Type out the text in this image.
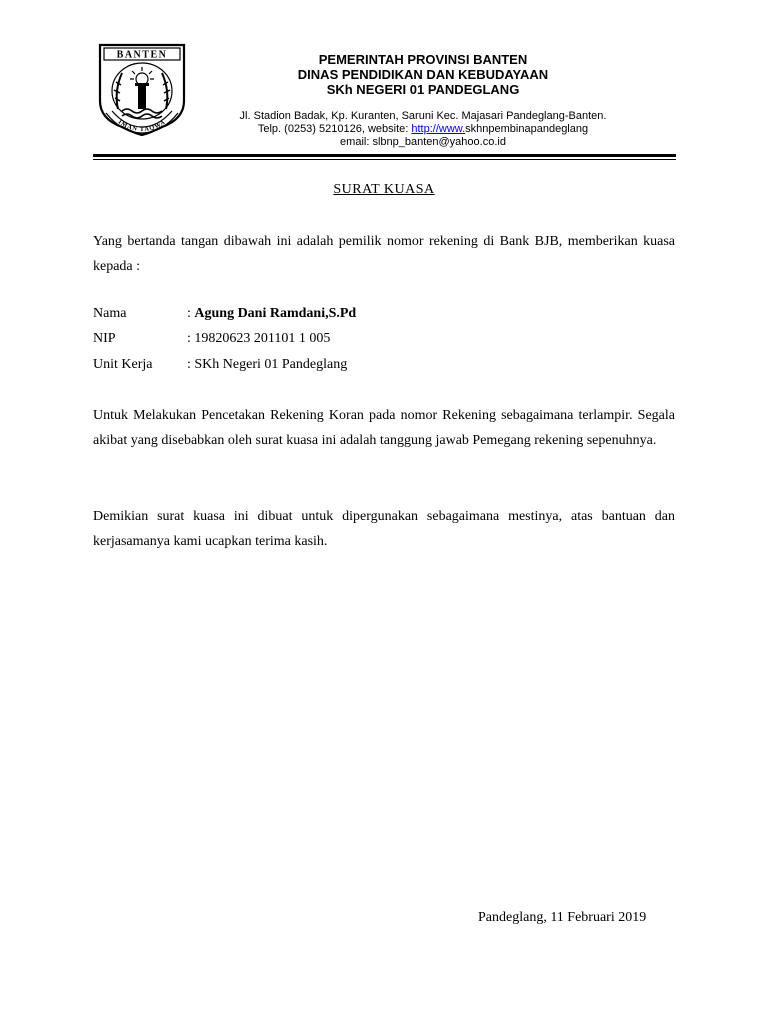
BANTEN
IMAN TAQWA
PEMERINTAH PROVINSI BANTEN
DINAS PENDIDIKAN DAN KEBUDAYAAN
SKh NEGERI 01 PANDEGLANG
Jl. Stadion Badak, Kp. Kuranten, Saruni Kec. Majasari Pandeglang-Banten.
Telp. (0253) 5210126, website: http://www.skhnpembinapandeglang
email: slbnp_banten@yahoo.co.id
SURAT KUASA
Yang bertanda tangan dibawah ini adalah pemilik nomor rekening di Bank BJB, memberikan kuasa kepada :
Nama	: Agung Dani Ramdani,S.Pd
NIP	: 19820623 201101 1 005
Unit Kerja	: SKh Negeri 01 Pandeglang
Untuk Melakukan Pencetakan Rekening Koran pada nomor Rekening sebagaimana terlampir. Segala akibat yang disebabkan oleh surat kuasa ini adalah tanggung jawab Pemegang rekening sepenuhnya.
Demikian surat kuasa ini dibuat untuk dipergunakan sebagaimana mestinya, atas bantuan dan kerjasamanya kami ucapkan terima kasih.
Pandeglang, 11 Februari 2019
